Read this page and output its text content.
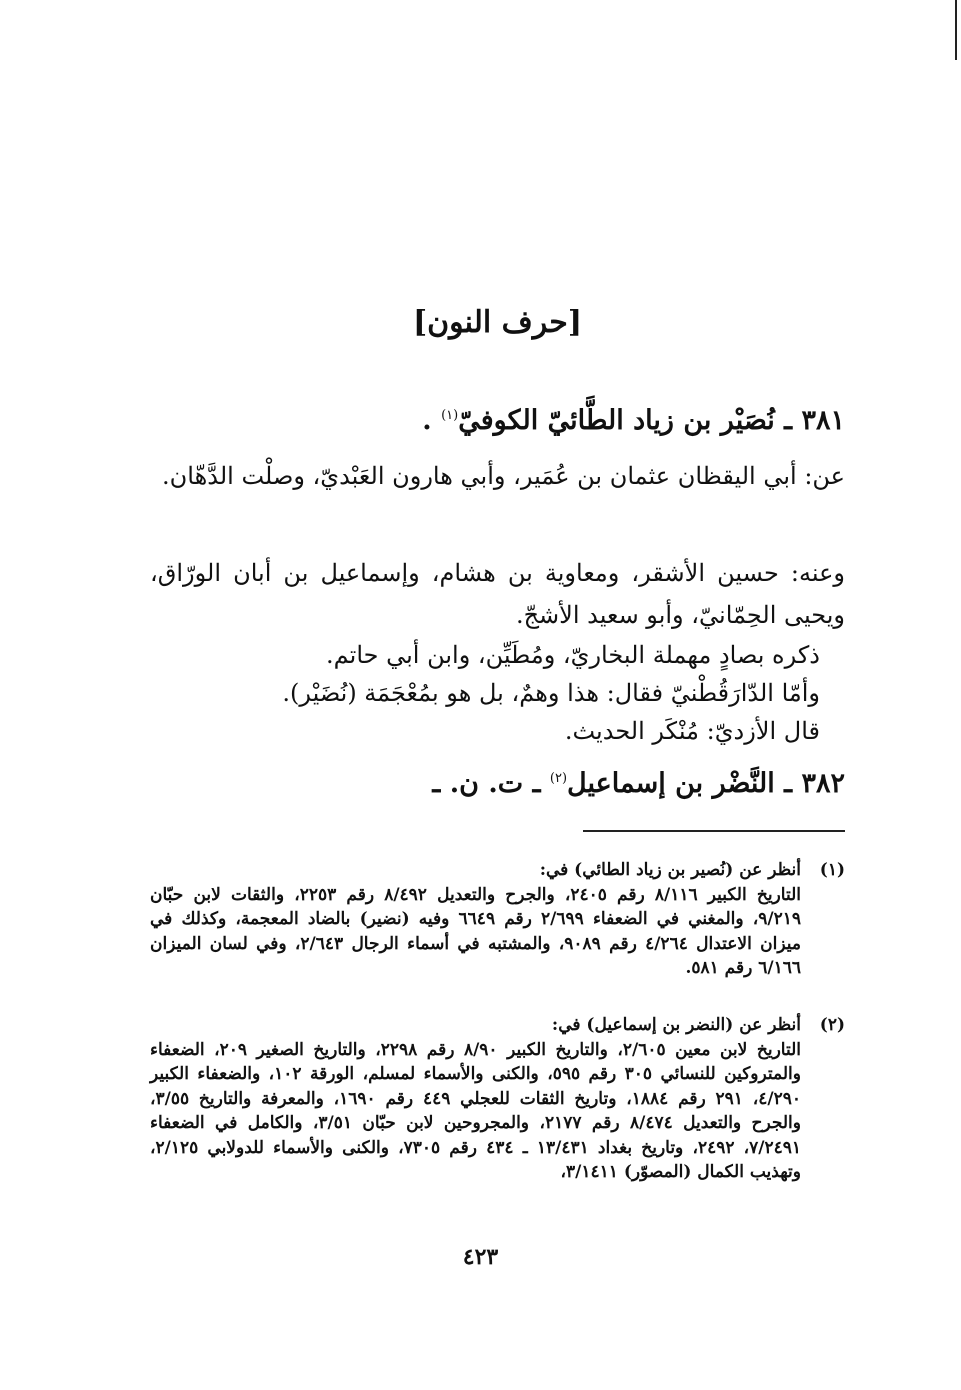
[حرف النون]
٣٨١ ـ نُصَيْر بن زياد الطَّائيّ الكوفيّ$^{(١)}$ .
عن: أبي اليقظان عثمان بن عُمَير، وأبي هارون العَبْديّ، وصلْت الدَّهّان.
وعنه: حسين الأشقر، ومعاوية بن هشام، وإسماعيل بن أبان الورّاق، ويحيى الحِمّانيّ، وأبو سعيد الأشجّ.
ذكره بصادٍ مهملة البخاريّ، ومُطَيِّن، وابن أبي حاتم.
وأمّا الدّارَقُطْنيّ فقال: هذا وهمٌ، بل هو بمُعْجَمَة (نُضَيْر).
قال الأزديّ: مُنْكَر الحديث.
٣٨٢ ـ النَّضْر بن إسماعيل$^{(٢)}$ ـ ت. ن. ـ
(١)
أنظر عن (نُصير بن زياد الطائي) في:
التاريخ الكبير ٨/١١٦ رقم ٢٤٠٥، والجرح والتعديل ٨/٤٩٢ رقم ٢٢٥٣، والثقات لابن حبّان ٩/٢١٩، والمغني في الضعفاء ٢/٦٩٩ رقم ٦٦٤٩ وفيه (نضير) بالضاد المعجمة، وكذلك في ميزان الاعتدال ٤/٢٦٤ رقم ٩٠٨٩، والمشتبه في أسماء الرجال ٢/٦٤٣، وفي لسان الميزان ٦/١٦٦ رقم ٥٨١.
(٢)
أنظر عن (النضر بن إسماعيل) في:
التاريخ لابن معين ٢/٦٠٥، والتاريخ الكبير ٨/٩٠ رقم ٢٢٩٨، والتاريخ الصغير ٢٠٩، الضعفاء والمتروكين للنسائي ٣٠٥ رقم ٥٩٥، والكنى والأسماء لمسلم، الورقة ١٠٢، والضعفاء الكبير ٤/٢٩٠، ٢٩١ رقم ١٨٨٤، وتاريخ الثقات للعجلي ٤٤٩ رقم ١٦٩٠، والمعرفة والتاريخ ٣/٥٥، والجرح والتعديل ٨/٤٧٤ رقم ٢١٧٧، والمجروحين لابن حبّان ٣/٥١، والكامل في الضعفاء ٧/٢٤٩١، ٢٤٩٢، وتاريخ بغداد ١٣/٤٣١ ـ ٤٣٤ رقم ٧٣٠٥، والكنى والأسماء للدولابي ٢/١٢٥، وتهذيب الكمال (المصوّر) ٣/١٤١١،
٤٢٣
